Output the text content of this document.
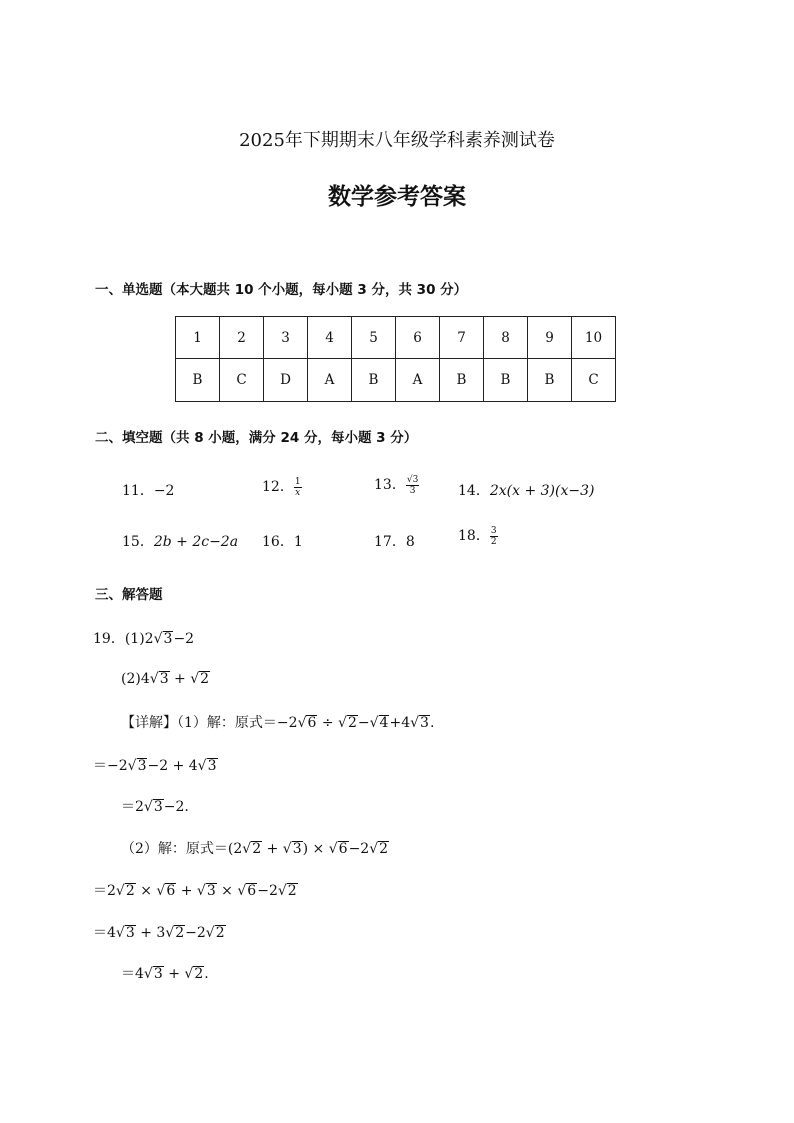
2025年下期期末八年级学科素养测试卷
数学参考答案
一、单选题（本大题共 10 个小题，每小题 3 分，共 30 分）
1	2	3	4	5	6	7	8	9	10
B	C	D	A	B	A	B	B	B	C
二、填空题（共 8 小题，满分 24 分，每小题 3 分）
11．−2	12． $\frac{1}{x}$	13． $\frac{√3}{3}$	14．2x(x + 3)(x−3)
15．2b + 2c−2a 16．1	17．8	18． $\frac{3}{2}$
三、解答题
19．(1)2 √ 3 −2
(2)4 √ 3 + √ 2
【详解】（1）解：原式＝−2 √ 6 ÷ √ 2 − √ 4 +4 √ 3 .
＝−2 √ 3 −2 + 4 √ 3
＝2 √ 3 −2.
（2）解：原式＝(2 √ 2 + √ 3 ) × √ 6 −2 √ 2
＝2 √ 2 × √ 6 + √ 3 × √ 6 −2 √ 2
＝4 √ 3 + 3 √ 2 −2 √ 2
＝4 √ 3 + √ 2 .
